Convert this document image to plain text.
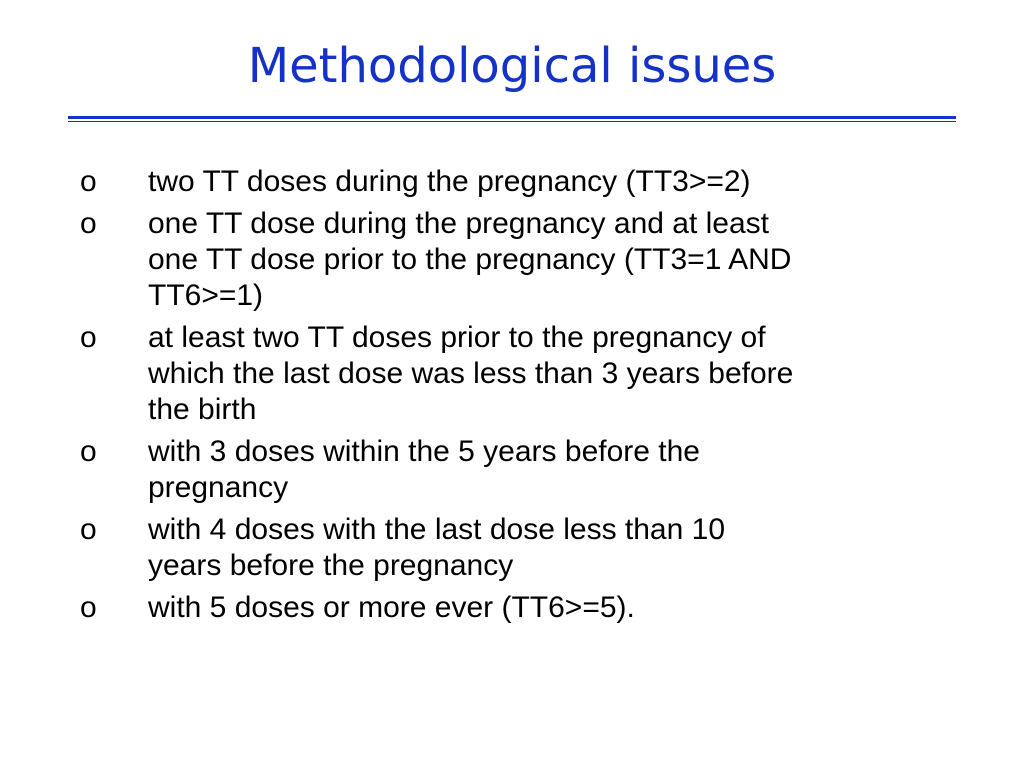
Methodological issues
o two TT doses during the pregnancy (TT3>=2)
o one TT dose during the pregnancy and at least
one TT dose prior to the pregnancy (TT3=1 AND
TT6>=1)
o at least two TT doses prior to the pregnancy of
which the last dose was less than 3 years before
the birth
o with 3 doses within the 5 years before the
pregnancy
o with 4 doses with the last dose less than 10
years before the pregnancy
o with 5 doses or more ever (TT6>=5).
